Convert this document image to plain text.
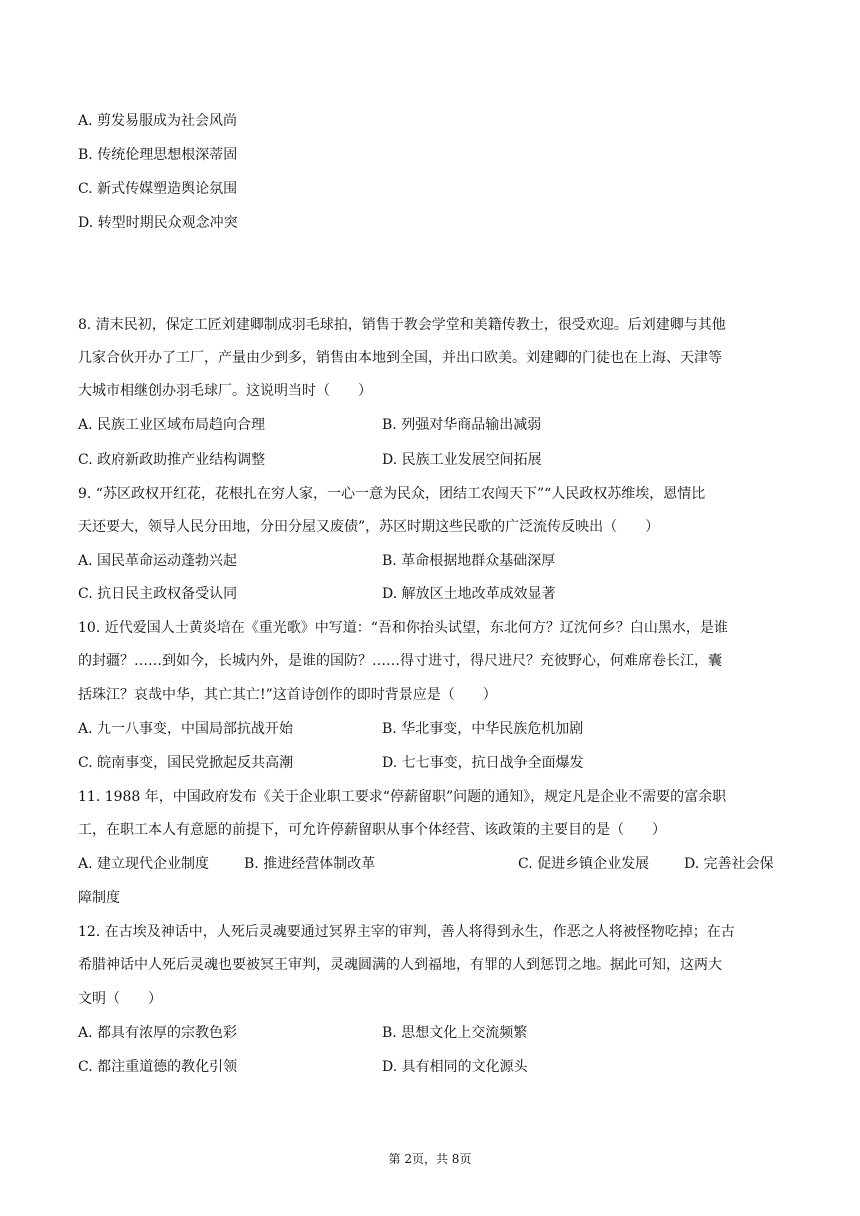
A. 剪发易服成为社会风尚
B. 传统伦理思想根深蒂固
C. 新式传媒塑造舆论氛围
D. 转型时期民众观念冲突
8. 清末民初，保定工匠刘建卿制成羽毛球拍，销售于教会学堂和美籍传教士，很受欢迎。后刘建卿与其他
几家合伙开办了工厂，产量由少到多，销售由本地到全国，并出口欧美。刘建卿的门徒也在上海、天津等
大城市相继创办羽毛球厂。这说明当时（　　）
A. 民族工业区域布局趋向合理	B. 列强对华商品输出减弱
C. 政府新政助推产业结构调整	D. 民族工业发展空间拓展
9. “苏区政权开红花，花根扎在穷人家，一心一意为民众，团结工农闯天下”“人民政权苏维埃，恩情比
天还要大，领导人民分田地，分田分屋又废债”，苏区时期这些民歌的广泛流传反映出（　　）
A. 国民革命运动蓬勃兴起	B. 革命根据地群众基础深厚
C. 抗日民主政权备受认同	D. 解放区土地改革成效显著
10. 近代爱国人士黄炎培在《重光歌》中写道：“吾和你抬头试望，东北何方？辽沈何乡？白山黑水，是谁
的封疆？……到如今，长城内外，是谁的国防？……得寸进寸，得尺进尺？充彼野心，何难席卷长江，囊
括珠江？哀哉中华，其亡其亡!”这首诗创作的即时背景应是（　　）
A. 九一八事变，中国局部抗战开始	B. 华北事变，中华民族危机加剧
C. 皖南事变，国民党掀起反共高潮	D. 七七事变，抗日战争全面爆发
11. 1988 年，中国政府发布《关于企业职工要求“停薪留职”问题的通知》，规定凡是企业不需要的富余职
工，在职工本人有意愿的前提下，可允许停薪留职从事个体经营、该政策的主要目的是（　　）
A. 建立现代企业制度 B. 推进经营体制改革	C. 促进乡镇企业发展 D. 完善社会保
障制度
12. 在古埃及神话中，人死后灵魂要通过冥界主宰的审判，善人将得到永生，作恶之人将被怪物吃掉；在古
希腊神话中人死后灵魂也要被冥王审判，灵魂圆满的人到福地，有罪的人到惩罚之地。据此可知，这两大
文明（　　）
A. 都具有浓厚的宗教色彩	B. 思想文化上交流频繁
C. 都注重道德的教化引领	D. 具有相同的文化源头
第 2页，共 8页
